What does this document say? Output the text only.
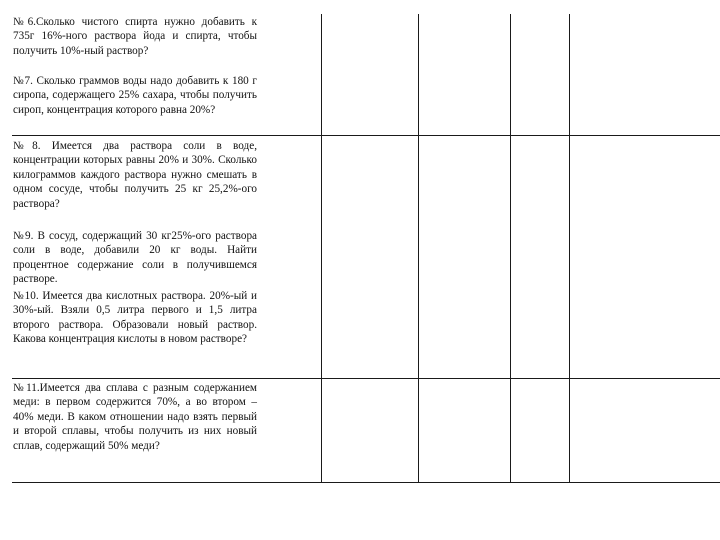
№6.Сколько чистого спирта нужно добавить к 735г 16%-ного раствора йода и спирта, чтобы получить 10%-ный раствор?

№7. Сколько граммов воды надо добавить к 180 г сиропа, содержащего 25% сахара, чтобы получить сироп, концентрация которого равна 20%?

№8. Имеется два раствора соли в воде, концентрации которых равны 20% и 30%. Сколько килограммов каждого раствора нужно смешать в одном сосуде, чтобы получить 25 кг 25,2%-ого раствора?

№9. В сосуд, содержащий 30 кг25%-ого раствора соли в воде, добавили 20 кг воды. Найти процентное содержание соли в получившемся растворе.

№10. Имеется два кислотных раствора. 20%-ый и 30%-ый. Взяли 0,5 литра первого и 1,5 литра второго раствора. Образовали новый раствор. Какова концентрация кислоты в новом растворе?

№11.Имеется два сплава с разным содержанием меди: в первом содержится 70%, а во втором – 40% меди. В каком отношении надо взять первый и второй сплавы, чтобы получить из них новый сплав, содержащий 50% меди?
